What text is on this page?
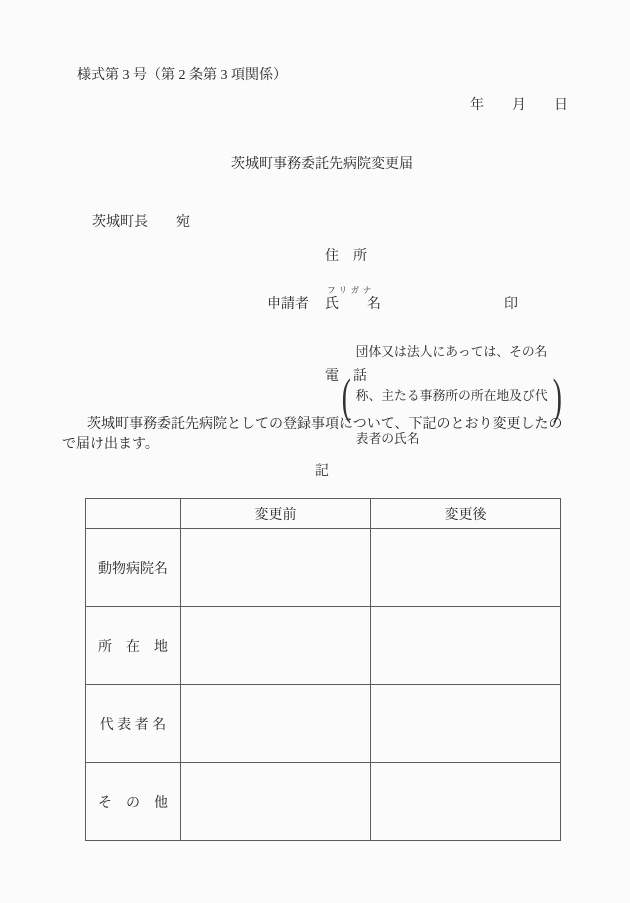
様式第 3 号（第 2 条第 3 項関係）
年　　月　　日
茨城町事務委託先病院変更届
茨城町長　　宛
住　所
フリガナ
申請者 氏　　名	印
(

団体又は法人にあっては、その名

称、主たる事務所の所在地及び代

表者の氏名

)
電　話
茨城町事務委託先病院としての登録事項について、下記のとおり変更したの
で届け出ます。
記
	変更前	変更後
動物病院名		
所　在　地		
代 表 者 名		
そ　の　他		
